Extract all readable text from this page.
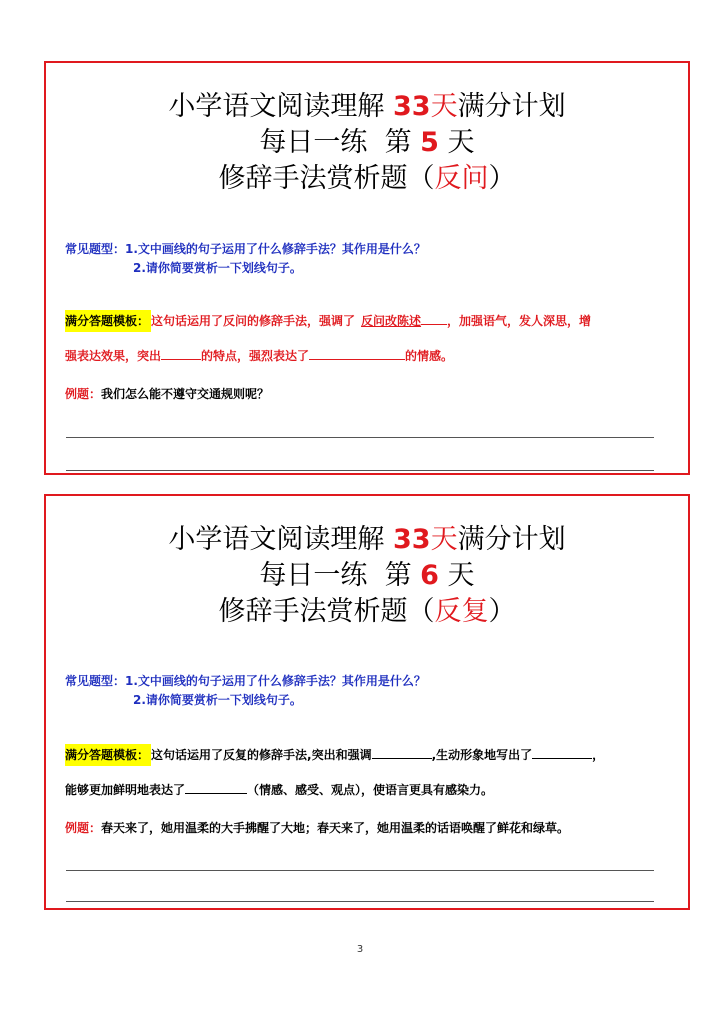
小学语文阅读理解 33天满分计划
每日一练  第 5 天
修辞手法赏析题（反问）
常见题型：1.文中画线的句子运用了什么修辞手法？其作用是什么？
2.请你简要赏析一下划线句子。
满分答题模板： 这句话运用了反问的修辞手法，强调了 反问改陈述 ，加强语气，发人深思，增
强表达效果，突出	的特点，强烈表达了	的情感。
例题：我们怎么能不遵守交通规则呢？
小学语文阅读理解 33天满分计划
每日一练  第 6 天
修辞手法赏析题（反复）
常见题型：1.文中画线的句子运用了什么修辞手法？其作用是什么？
2.请你简要赏析一下划线句子。
满分答题模板： 这句话运用了反复的修辞手法,突出和强调	,生动形象地写出了	，
能够更加鲜明地表达了	（情感、感受、观点），使语言更具有感染力。
例题：春天来了，她用温柔的大手拂醒了大地；春天来了，她用温柔的话语唤醒了鲜花和绿草。
3
